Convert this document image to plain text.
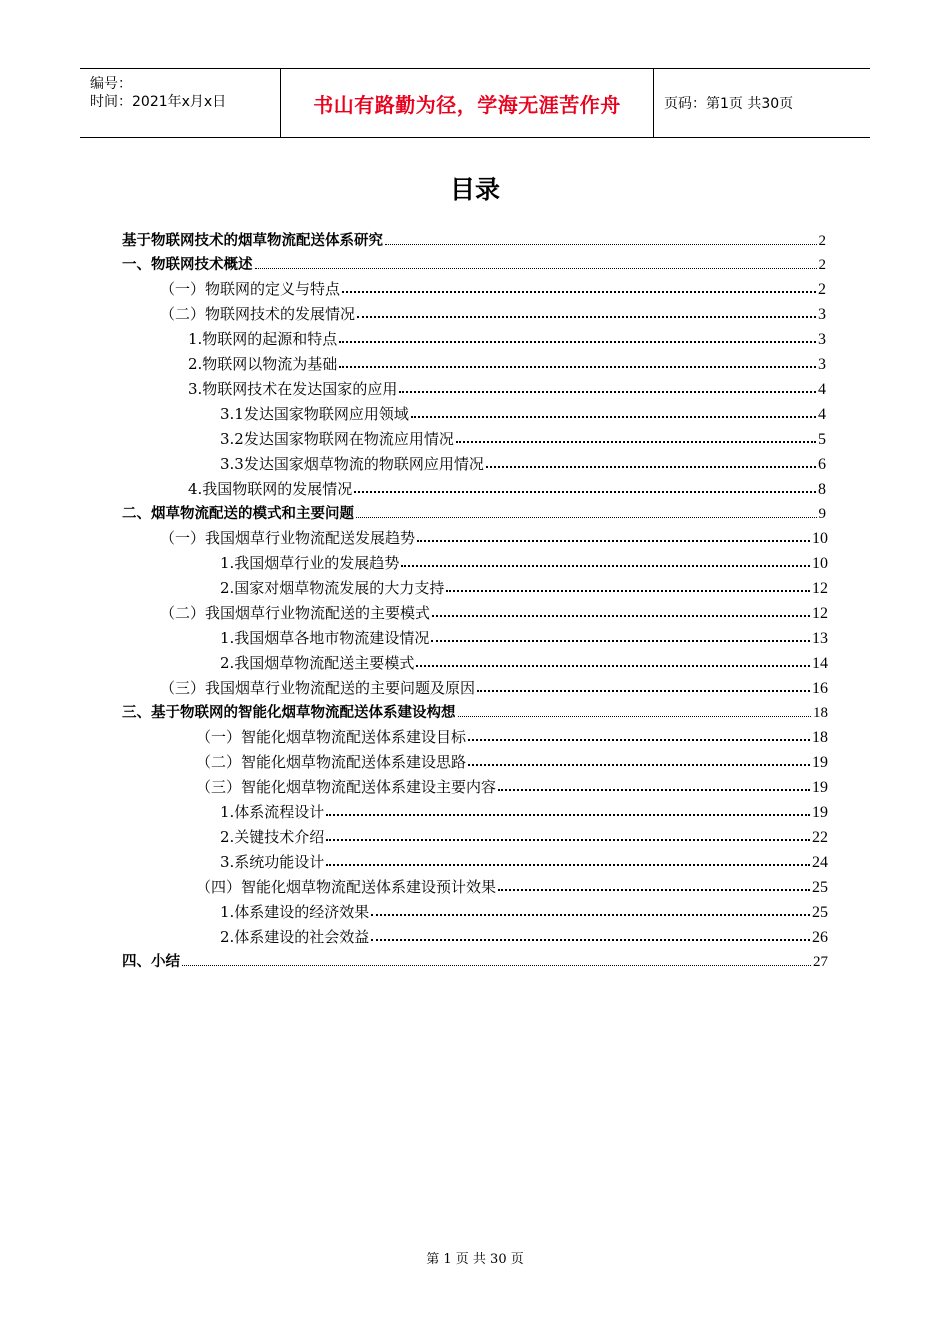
编号：
时间：2021年x月x日	书山有路勤为径，学海无涯苦作舟	页码：第1页 共30页
目录
基于物联网技术的烟草物流配送体系研究	2
一、物联网技术概述	2
（一）物联网的定义与特点	2
（二）物联网技术的发展情况	3
1.物联网的起源和特点	3
2.物联网以物流为基础	3
3.物联网技术在发达国家的应用	4
3.1发达国家物联网应用领域	4
3.2发达国家物联网在物流应用情况	5
3.3发达国家烟草物流的物联网应用情况	6
4.我国物联网的发展情况	8
二、烟草物流配送的模式和主要问题	9
（一）我国烟草行业物流配送发展趋势	10
1.我国烟草行业的发展趋势	10
2.国家对烟草物流发展的大力支持	12
（二）我国烟草行业物流配送的主要模式	12
1.我国烟草各地市物流建设情况	13
2.我国烟草物流配送主要模式	14
（三）我国烟草行业物流配送的主要问题及原因	16
三、基于物联网的智能化烟草物流配送体系建设构想	18
（一）智能化烟草物流配送体系建设目标	18
（二）智能化烟草物流配送体系建设思路	19
（三）智能化烟草物流配送体系建设主要内容	19
1.体系流程设计	19
2.关键技术介绍	22
3.系统功能设计	24
（四）智能化烟草物流配送体系建设预计效果	25
1.体系建设的经济效果	25
2.体系建设的社会效益	26
四、小结	27
第 1 页 共 30 页
